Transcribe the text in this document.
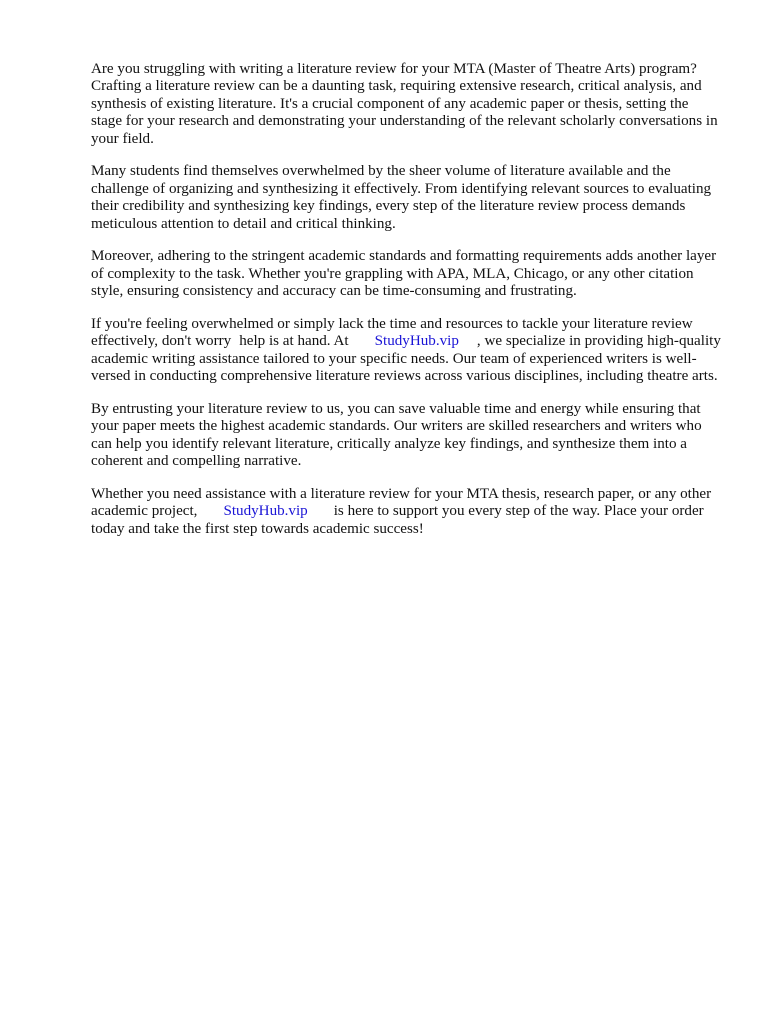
Are you struggling with writing a literature review for your MTA (Master of Theatre Arts) program? Crafting a literature review can be a daunting task, requiring extensive research, critical analysis, and synthesis of existing literature. It's a crucial component of any academic paper or thesis, setting the stage for your research and demonstrating your understanding of the relevant scholarly conversations in your field.

Many students find themselves overwhelmed by the sheer volume of literature available and the challenge of organizing and synthesizing it effectively. From identifying relevant sources to evaluating their credibility and synthesizing key findings, every step of the literature review process demands meticulous attention to detail and critical thinking.

Moreover, adhering to the stringent academic standards and formatting requirements adds another layer of complexity to the task. Whether you're grappling with APA, MLA, Chicago, or any other citation style, ensuring consistency and accuracy can be time-consuming and frustrating.

If you're feeling overwhelmed or simply lack the time and resources to tackle your literature review effectively, don't worry help is at hand. At StudyHub.vip , we specialize in providing high-quality academic writing assistance tailored to your specific needs. Our team of experienced writers is well-versed in conducting comprehensive literature reviews across various disciplines, including theatre arts.

By entrusting your literature review to us, you can save valuable time and energy while ensuring that your paper meets the highest academic standards. Our writers are skilled researchers and writers who can help you identify relevant literature, critically analyze key findings, and synthesize them into a coherent and compelling narrative.

Whether you need assistance with a literature review for your MTA thesis, research paper, or any other academic project, StudyHub.vip is here to support you every step of the way. Place your order today and take the first step towards academic success!
